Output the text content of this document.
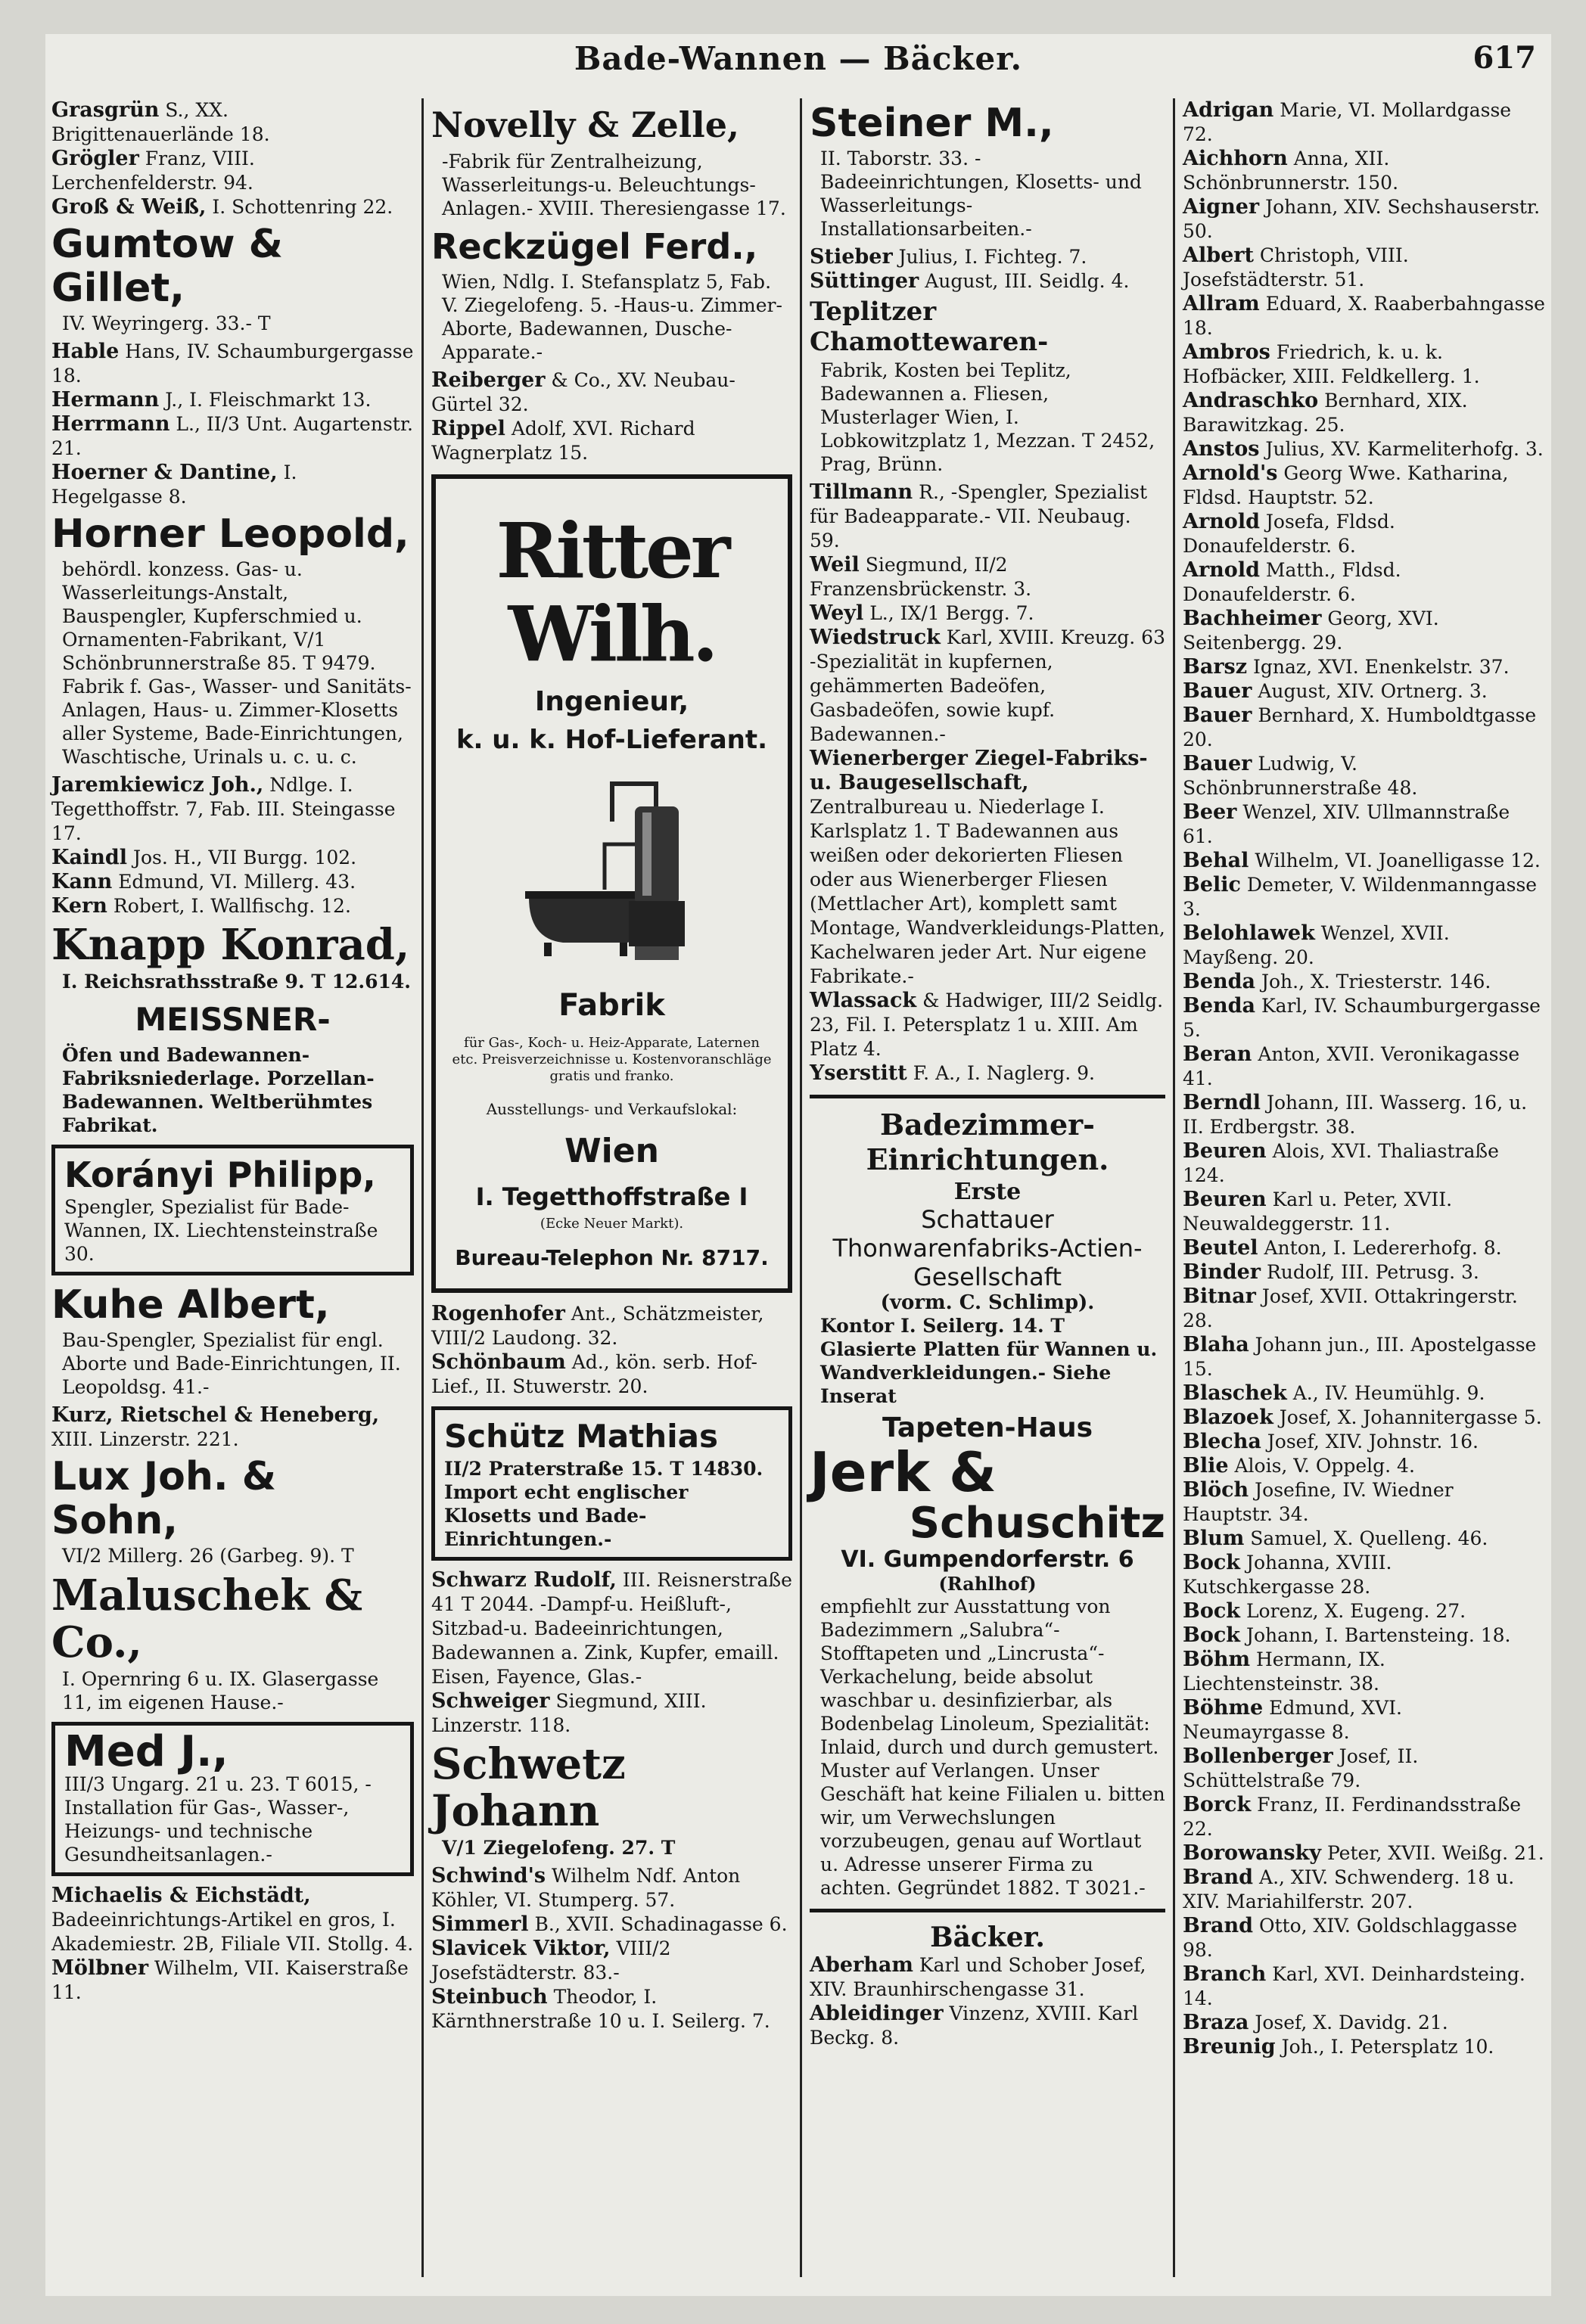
Bade-Wannen — Bäcker.	617

Grasgrün S., XX. Brigittenauerlände 18.

Grögler Franz, VIII. Lerchenfelderstr. 94.

Groß & Weiß, I. Schottenring 22.

Gumtow & Gillet,

IV. Weyringerg. 33.- T

Hable Hans, IV. Schaumburgergasse 18.

Hermann J., I. Fleischmarkt 13.

Herrmann L., II/3 Unt. Augartenstr. 21.

Hoerner & Dantine, I. Hegelgasse 8.

Horner Leopold,

behördl. konzess. Gas- u. Wasserleitungs-Anstalt, Bauspengler, Kupferschmied u. Ornamenten-Fabrikant, V/1 Schönbrunnerstraße 85. T 9479. Fabrik f. Gas-, Wasser- und Sanitäts-Anlagen, Haus- u. Zimmer-Klosetts aller Systeme, Bade-Einrichtungen, Waschtische, Urinals u. c. u. c.

Jaremkiewicz Joh., Ndlge. I. Tegetthoffstr. 7, Fab. III. Steingasse 17.

Kaindl Jos. H., VII Burgg. 102.

Kann Edmund, VI. Millerg. 43.

Kern Robert, I. Wallfischg. 12.

Knapp Konrad,

I. Reichsrathsstraße 9. T 12.614.

MEISSNER-

Öfen und Badewannen-Fabriksniederlage. Porzellan-Badewannen. Weltberühmtes Fabrikat.

Korányi Philipp,
Spengler, Spezialist für Bade-Wannen, IX. Liechtensteinstraße 30.
Kuhe Albert,

Bau-Spengler, Spezialist für engl. Aborte und Bade-Einrichtungen, II. Leopoldsg. 41.-

Kurz, Rietschel & Heneberg, XIII. Linzerstr. 221.

Lux Joh. & Sohn,

VI/2 Millerg. 26 (Garbeg. 9). T

Maluschek & Co.,

I. Opernring 6 u. IX. Glasergasse 11, im eigenen Hause.-

Med J.,
III/3 Ungarg. 21 u. 23. T 6015, -Installation für Gas-, Wasser-, Heizungs- und technische Gesundheitsanlagen.-

Michaelis & Eichstädt, Badeeinrichtungs-Artikel en gros, I. Akademiestr. 2B, Filiale VII. Stollg. 4.

Mölbner Wilhelm, VII. Kaiserstraße 11.

Novelly & Zelle,

-Fabrik für Zentralheizung, Wasserleitungs-u. Beleuchtungs-Anlagen.- XVIII. Theresiengasse 17.

Reckzügel Ferd.,

Wien, Ndlg. I. Stefansplatz 5, Fab. V. Ziegelofeng. 5. -Haus-u. Zimmer-Aborte, Badewannen, Dusche-Apparate.-

Reiberger & Co., XV. Neubau-Gürtel 32.

Rippel Adolf, XVI. Richard Wagnerplatz 15.

Ritter Wilh.
Ingenieur,
k. u. k. Hof-Lieferant.
Fabrik
für Gas-, Koch- u. Heiz-Apparate, Laternen etc. Preisverzeichnisse u. Kostenvoranschläge gratis und franko.
Ausstellungs- und Verkaufslokal:
Wien
I. Tegetthoffstraße I
(Ecke Neuer Markt).
Bureau-Telephon Nr. 8717.

Rogenhofer Ant., Schätzmeister, VIII/2 Laudong. 32.

Schönbaum Ad., kön. serb. Hof-Lief., II. Stuwerstr. 20.

Schütz Mathias
II/2 Praterstraße 15. T 14830. Import echt englischer Klosetts und Bade-Einrichtungen.-

Schwarz Rudolf, III. Reisnerstraße 41 T 2044. -Dampf-u. Heißluft-, Sitzbad-u. Badeeinrichtungen, Badewannen a. Zink, Kupfer, emaill. Eisen, Fayence, Glas.-

Schweiger Siegmund, XIII. Linzerstr. 118.

Schwetz Johann

V/1 Ziegelofeng. 27. T

Schwind's Wilhelm Ndf. Anton Köhler, VI. Stumperg. 57.

Simmerl B., XVII. Schadinagasse 6.

Slavicek Viktor, VIII/2 Josefstädterstr. 83.-

Steinbuch Theodor, I. Kärnthnerstraße 10 u. I. Seilerg. 7.

Steiner M.,

II. Taborstr. 33. -Badeeinrichtungen, Klosetts- und Wasserleitungs-Installationsarbeiten.-

Stieber Julius, I. Fichteg. 7.

Süttinger August, III. Seidlg. 4.

Teplitzer Chamottewaren-

Fabrik, Kosten bei Teplitz, Badewannen a. Fliesen, Musterlager Wien, I. Lobkowitzplatz 1, Mezzan. T 2452, Prag, Brünn.

Tillmann R., -Spengler, Spezialist für Badeapparate.- VII. Neubaug. 59.

Weil Siegmund, II/2 Franzensbrückenstr. 3.

Weyl L., IX/1 Bergg. 7.

Wiedstruck Karl, XVIII. Kreuzg. 63 -Spezialität in kupfernen, gehämmerten Badeöfen, Gasbadeöfen, sowie kupf. Badewannen.-

Wienerberger Ziegel-Fabriks- u. Baugesellschaft, Zentralbureau u. Niederlage I. Karlsplatz 1. T Badewannen aus weißen oder dekorierten Fliesen oder aus Wienerberger Fliesen (Mettlacher Art), komplett samt Montage, Wandverkleidungs-Platten, Kachelwaren jeder Art. Nur eigene Fabrikate.-

Wlassack & Hadwiger, III/2 Seidlg. 23, Fil. I. Petersplatz 1 u. XIII. Am Platz 4.

Yserstitt F. A., I. Naglerg. 9.

Badezimmer-Einrichtungen.
Erste
Schattauer Thonwarenfabriks-Actien-Gesellschaft
(vorm. C. Schlimp).

Kontor I. Seilerg. 14. T Glasierte Platten für Wannen u. Wandverkleidungen.- Siehe Inserat

Tapeten-Haus
Jerk &
Schuschitz
VI. Gumpendorferstr. 6
(Rahlhof)

empfiehlt zur Ausstattung von Badezimmern „Salubra“-Stofftapeten und „Lincrusta“-Verkachelung, beide absolut waschbar u. desinfizierbar, als Bodenbelag Linoleum, Spezialität: Inlaid, durch und durch gemustert. Muster auf Verlangen. Unser Geschäft hat keine Filialen u. bitten wir, um Verwechslungen vorzubeugen, genau auf Wortlaut u. Adresse unserer Firma zu achten. Gegründet 1882. T 3021.-

Bäcker.

Aberham Karl und Schober Josef, XIV. Braunhirschengasse 31.

Ableidinger Vinzenz, XVIII. Karl Beckg. 8.

Adrigan Marie, VI. Mollardgasse 72.

Aichhorn Anna, XII. Schönbrunnerstr. 150.

Aigner Johann, XIV. Sechshauserstr. 50.

Albert Christoph, VIII. Josefstädterstr. 51.

Allram Eduard, X. Raaberbahngasse 18.

Ambros Friedrich, k. u. k. Hofbäcker, XIII. Feldkellerg. 1.

Andraschko Bernhard, XIX. Barawitzkag. 25.

Anstos Julius, XV. Karmeliterhofg. 3.

Arnold's Georg Wwe. Katharina, Fldsd. Hauptstr. 52.

Arnold Josefa, Fldsd. Donaufelderstr. 6.

Arnold Matth., Fldsd. Donaufelderstr. 6.

Bachheimer Georg, XVI. Seitenbergg. 29.

Barsz Ignaz, XVI. Enenkelstr. 37.

Bauer August, XIV. Ortnerg. 3.

Bauer Bernhard, X. Humboldtgasse 20.

Bauer Ludwig, V. Schönbrunnerstraße 48.

Beer Wenzel, XIV. Ullmannstraße 61.

Behal Wilhelm, VI. Joanelligasse 12.

Belic Demeter, V. Wildenmanngasse 3.

Belohlawek Wenzel, XVII. Mayßeng. 20.

Benda Joh., X. Triesterstr. 146.

Benda Karl, IV. Schaumburgergasse 5.

Beran Anton, XVII. Veronikagasse 41.

Berndl Johann, III. Wasserg. 16, u. II. Erdbergstr. 38.

Beuren Alois, XVI. Thaliastraße 124.

Beuren Karl u. Peter, XVII. Neuwaldeggerstr. 11.

Beutel Anton, I. Ledererhofg. 8.

Binder Rudolf, III. Petrusg. 3.

Bitnar Josef, XVII. Ottakringerstr. 28.

Blaha Johann jun., III. Apostelgasse 15.

Blaschek A., IV. Heumühlg. 9.

Blazoek Josef, X. Johannitergasse 5.

Blecha Josef, XIV. Johnstr. 16.

Blie Alois, V. Oppelg. 4.

Blöch Josefine, IV. Wiedner Hauptstr. 34.

Blum Samuel, X. Quelleng. 46.

Bock Johanna, XVIII. Kutschkergasse 28.

Bock Lorenz, X. Eugeng. 27.

Bock Johann, I. Bartensteing. 18.

Böhm Hermann, IX. Liechtensteinstr. 38.

Böhme Edmund, XVI. Neumayrgasse 8.

Bollenberger Josef, II. Schüttelstraße 79.

Borck Franz, II. Ferdinandsstraße 22.

Borowansky Peter, XVII. Weißg. 21.

Brand A., XIV. Schwenderg. 18 u. XIV. Mariahilferstr. 207.

Brand Otto, XIV. Goldschlaggasse 98.

Branch Karl, XVI. Deinhardsteing. 14.

Braza Josef, X. Davidg. 21.

Breunig Joh., I. Petersplatz 10.
